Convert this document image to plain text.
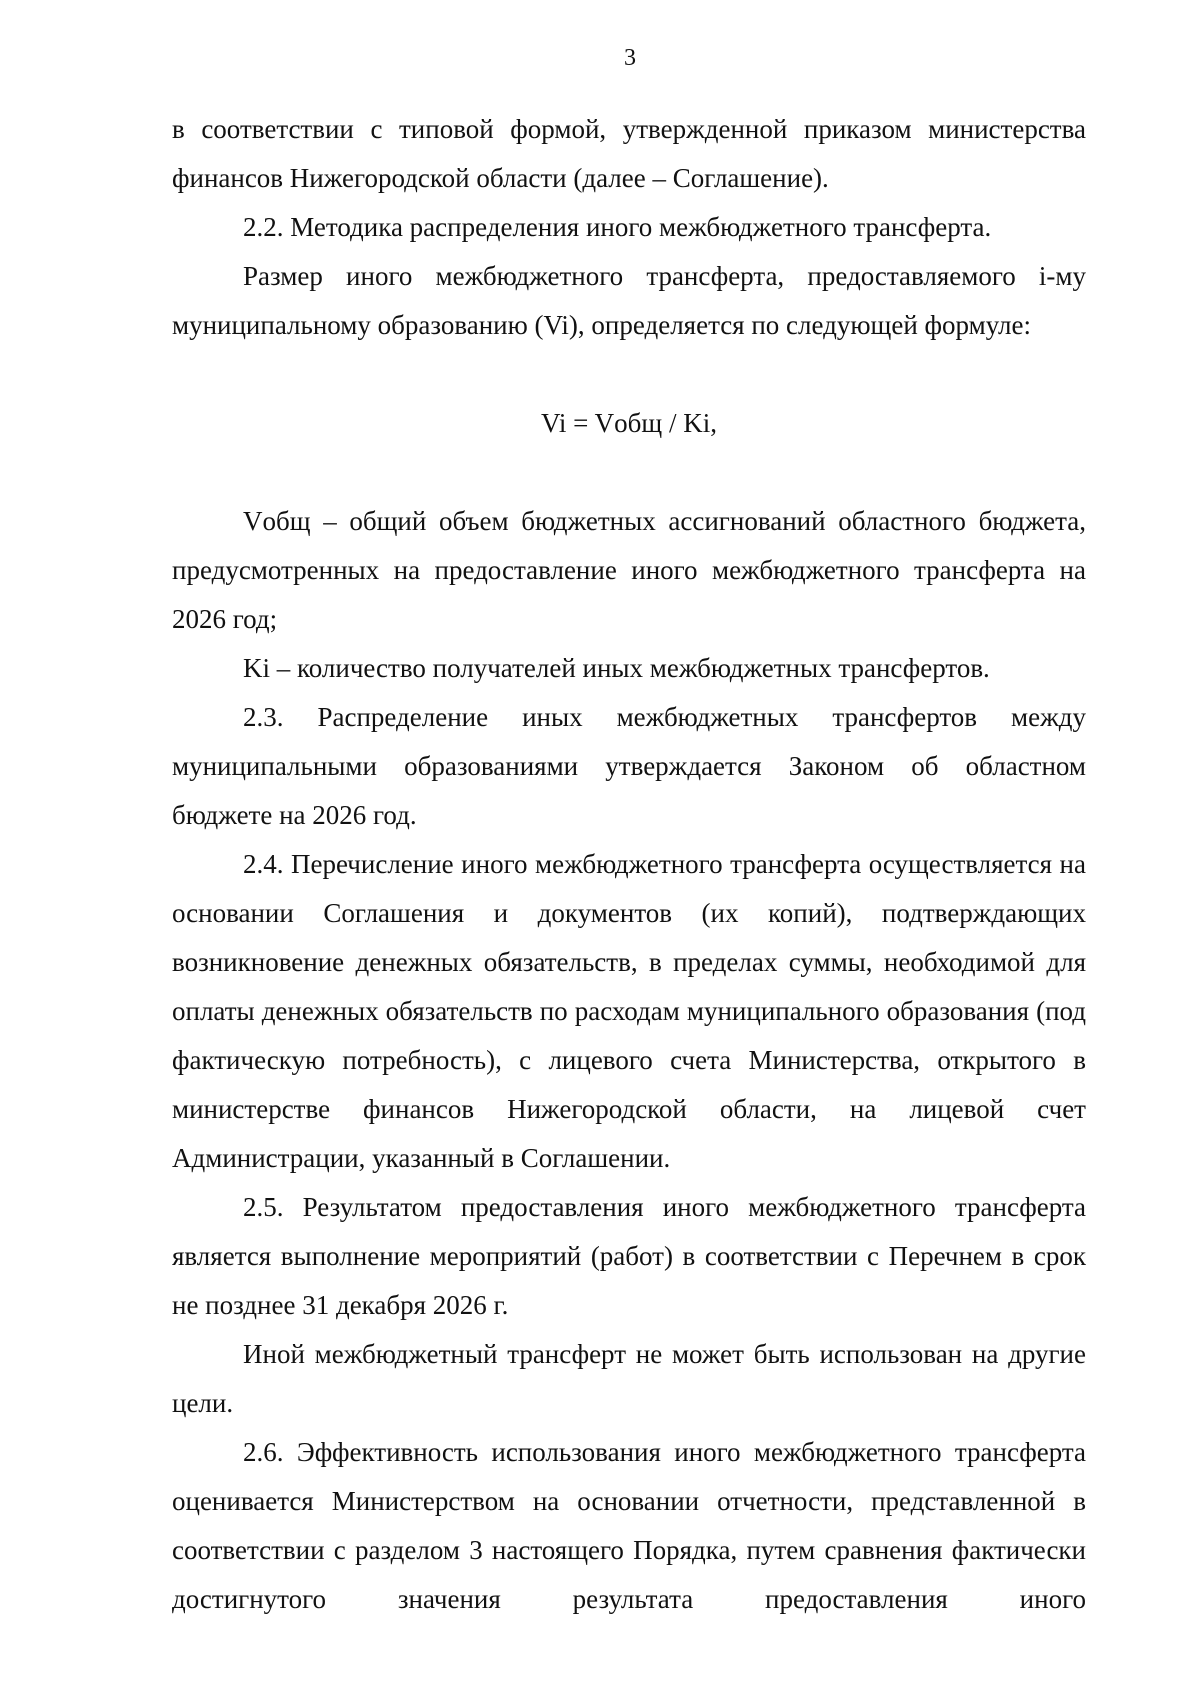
3

в соответствии с типовой формой, утвержденной приказом министерства финансов Нижегородской области (далее – Соглашение).

2.2. Методика распределения иного межбюджетного трансферта.

Размер иного межбюджетного трансферта, предоставляемого i-му муниципальному образованию (Vi), определяется по следующей формуле:

Vi = Vобщ / Ki,

Vобщ – общий объем бюджетных ассигнований областного бюджета, предусмотренных на предоставление иного межбюджетного трансферта на 2026 год;

Ki – количество получателей иных межбюджетных трансфертов.

2.3. Распределение иных межбюджетных трансфертов между муниципальными образованиями утверждается Законом об областном бюджете на 2026 год.

2.4. Перечисление иного межбюджетного трансферта осуществляется на основании Соглашения и документов (их копий), подтверждающих возникновение денежных обязательств, в пределах суммы, необходимой для оплаты денежных обязательств по расходам муниципального образования (под фактическую потребность), с лицевого счета Министерства, открытого в министерстве финансов Нижегородской области, на лицевой счет Администрации, указанный в Соглашении.

2.5. Результатом предоставления иного межбюджетного трансферта является выполнение мероприятий (работ) в соответствии с Перечнем в срок не позднее 31 декабря 2026 г.

Иной межбюджетный трансферт не может быть использован на другие цели.

2.6. Эффективность использования иного межбюджетного трансферта оценивается Министерством на основании отчетности, представленной в соответствии с разделом 3 настоящего Порядка, путем сравнения фактически достигнутого значения результата предоставления иного
